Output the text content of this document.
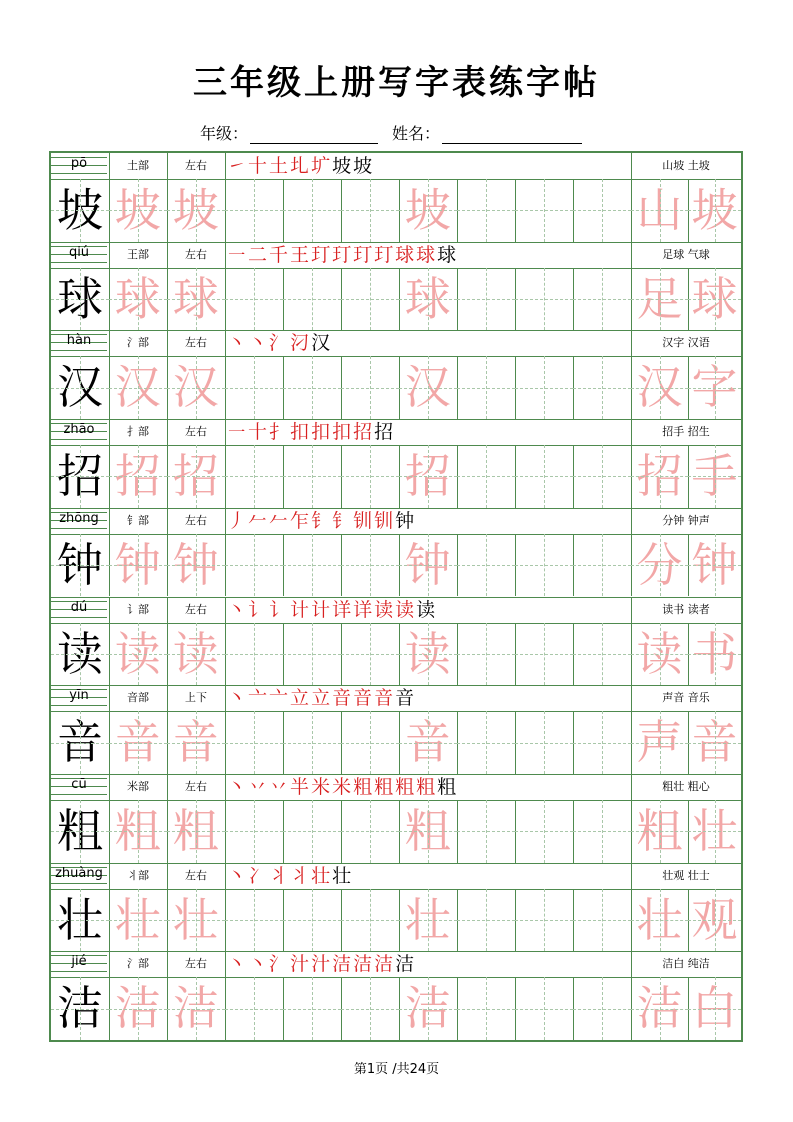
三年级上册写字表练字帖
年级：	姓名：
pō	土部	左右	㇀十土圠圹坡坡	山坡 土坡
坡 坡 坡	坡	山 坡
qiú	王部	左右	㇐二千王玎玎玎玎球球球	足球 气球
球 球 球	球	足 球
hàn	氵部	左右	丶丶氵汈汉	汉字 汉语
汉 汉 汉	汉	汉 字
zhāo	扌部	左右	㇐十扌扣扣扣招招	招手 招生
招 招 招	招	招 手
zhōng	钅部	左右	丿𠂉𠂉乍钅钅钏钏钟	分钟 钟声
钟 钟 钟	钟	分 钟
dú	讠部	左右	丶讠讠计计详详读读读	读书 读者
读 读 读	读	读 书
yīn	音部	上下	丶亠亠立立音音音音	声音 音乐
音 音 音	音	声 音
cū	米部	左右	丶丷丷半米米粗粗粗粗粗	粗壮 粗心
粗 粗 粗	粗	粗 壮
zhuàng	丬部	左右	丶冫丬丬壮壮	壮观 壮士
壮 壮 壮	壮	壮 观
jié	氵部	左右	丶丶氵汁汁洁洁洁洁	洁白 纯洁
洁 洁 洁	洁	洁 白
第1页 /共24页
